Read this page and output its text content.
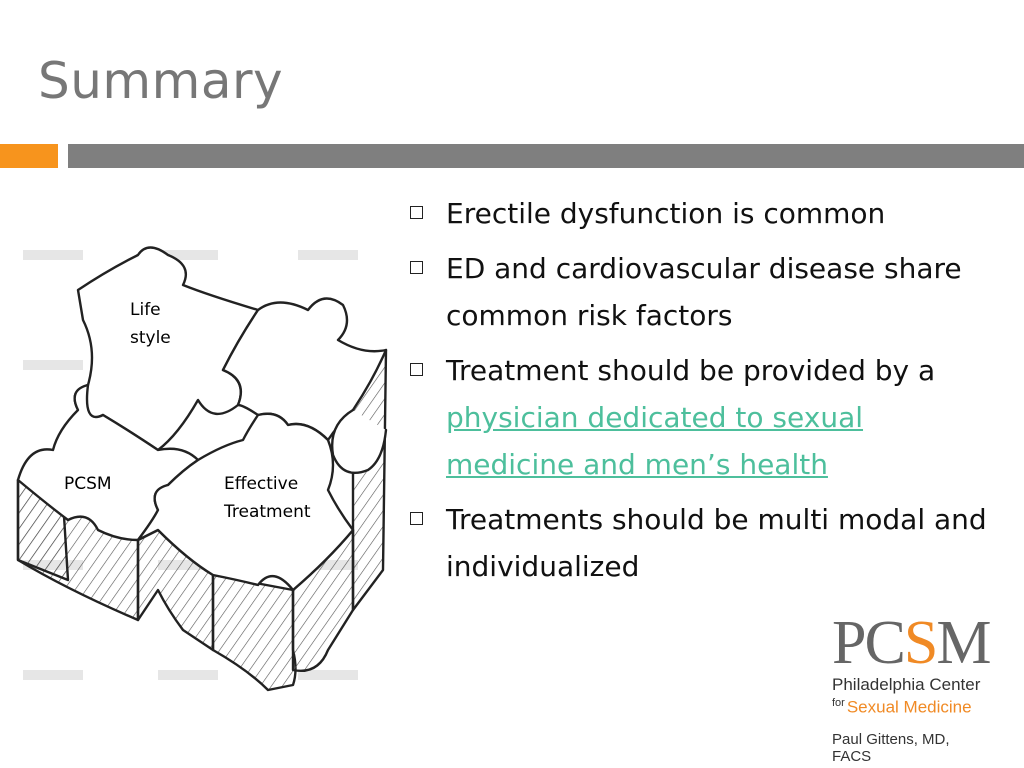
Summary
Erectile dysfunction is common
ED and cardiovascular disease share common risk factors
Treatment should be provided by a physician dedicated to sexual medicine and men’s health
Treatments should be multi modal and individualized
Life
style
PCSM	Effective
Treatment
PCSM
Philadelphia Center
$^{for}$ Sexual Medicine
Paul Gittens, MD, FACS
